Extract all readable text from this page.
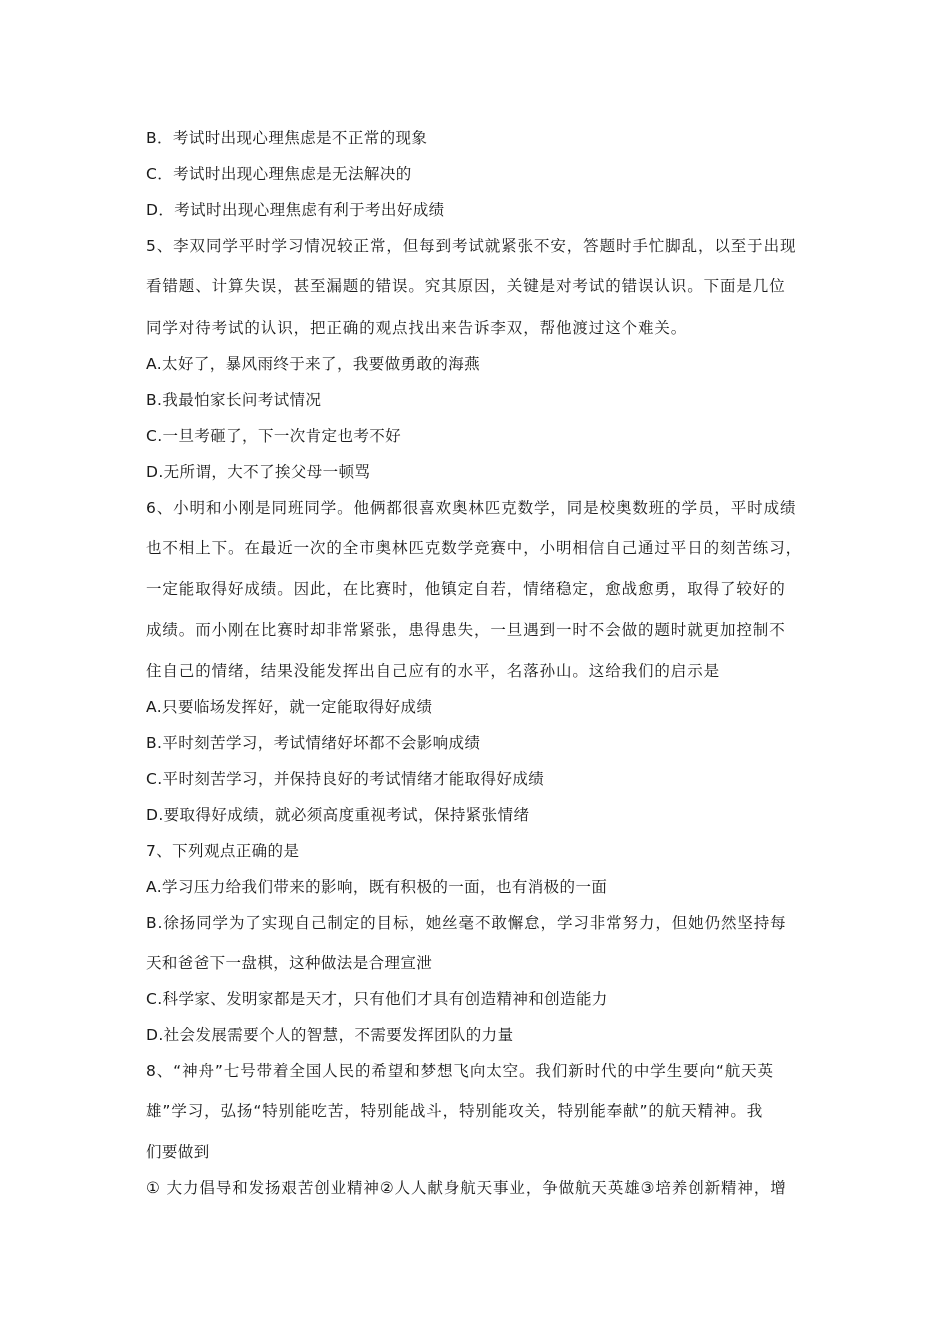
B．考试时出现心理焦虑是不正常的现象
C．考试时出现心理焦虑是无法解决的
D．考试时出现心理焦虑有利于考出好成绩
5、李双同学平时学习情况较正常，但每到考试就紧张不安，答题时手忙脚乱，以至于出现
看错题、计算失误，甚至漏题的错误。究其原因，关键是对考试的错误认识。下面是几位
同学对待考试的认识，把正确的观点找出来告诉李双，帮他渡过这个难关。
A.太好了，暴风雨终于来了，我要做勇敢的海燕
B.我最怕家长问考试情况
C.一旦考砸了，下一次肯定也考不好
D.无所谓，大不了挨父母一顿骂
6、小明和小刚是同班同学。他俩都很喜欢奥林匹克数学，同是校奥数班的学员，平时成绩
也不相上下。在最近一次的全市奥林匹克数学竞赛中，小明相信自己通过平日的刻苦练习，
一定能取得好成绩。因此，在比赛时，他镇定自若，情绪稳定，愈战愈勇，取得了较好的
成绩。而小刚在比赛时却非常紧张，患得患失，一旦遇到一时不会做的题时就更加控制不
住自己的情绪，结果没能发挥出自己应有的水平，名落孙山。这给我们的启示是
A.只要临场发挥好，就一定能取得好成绩
B.平时刻苦学习，考试情绪好坏都不会影响成绩
C.平时刻苦学习，并保持良好的考试情绪才能取得好成绩
D.要取得好成绩，就必须高度重视考试，保持紧张情绪
7、下列观点正确的是
A.学习压力给我们带来的影响，既有积极的一面，也有消极的一面
B.徐扬同学为了实现自己制定的目标，她丝毫不敢懈怠，学习非常努力，但她仍然坚持每
天和爸爸下一盘棋，这种做法是合理宣泄
C.科学家、发明家都是天才，只有他们才具有创造精神和创造能力
D.社会发展需要个人的智慧，不需要发挥团队的力量
8、“神舟”七号带着全国人民的希望和梦想飞向太空。我们新时代的中学生要向“航天英
雄”学习，弘扬“特别能吃苦，特别能战斗，特别能攻关，特别能奉献”的航天精神。我
们要做到
① 大力倡导和发扬艰苦创业精神②人人献身航天事业，争做航天英雄③培养创新精神，增
